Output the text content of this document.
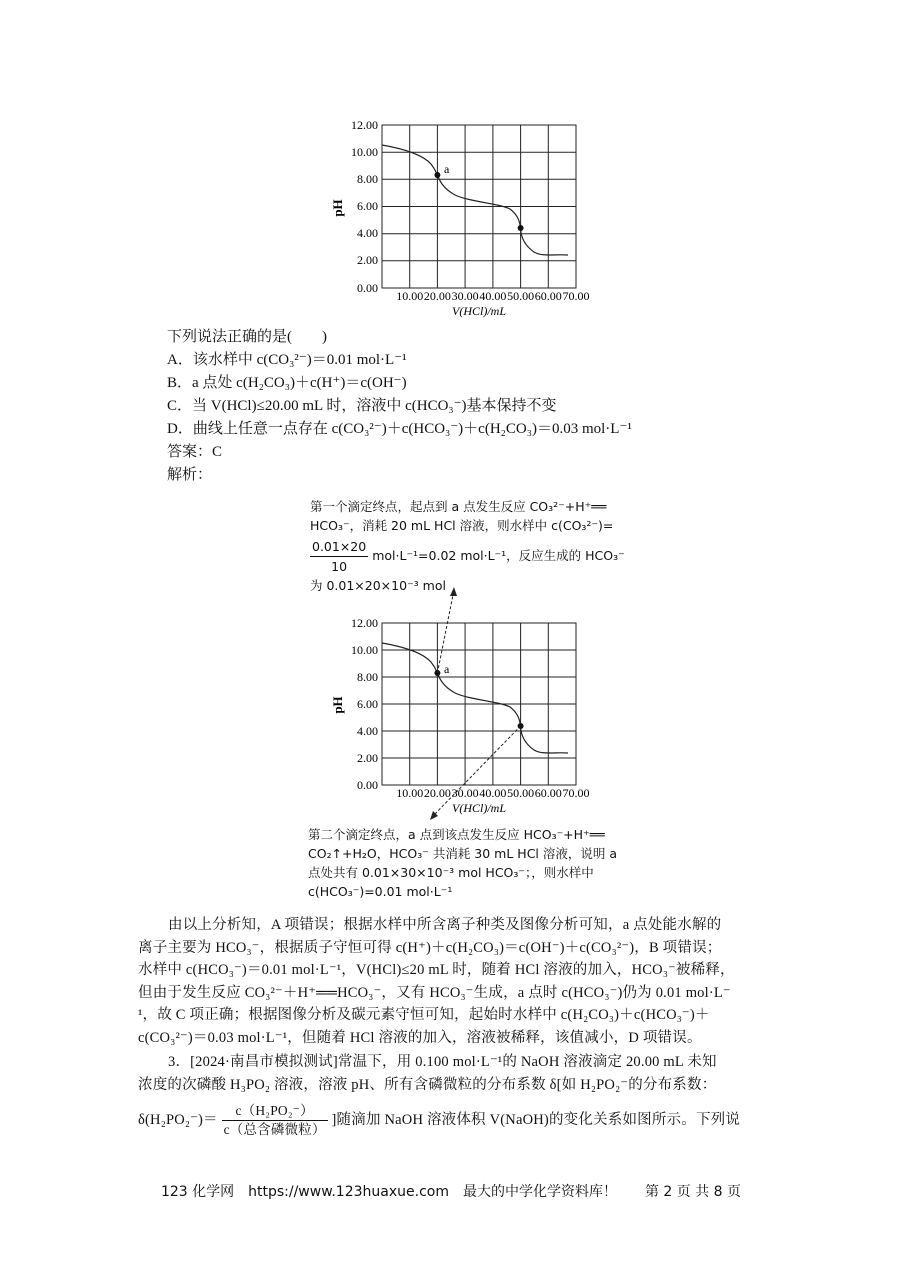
a
12.00
10.00
8.00
6.00
4.00
2.00
0.00
10.00 20.00 30.00 40.00 50.00 60.00 70.00
V(HCl)/mL
pH
下列说法正确的是(　　)
A．该水样中 c(CO₃²⁻)＝0.01 mol·L⁻¹
B．a 点处 c(H₂CO₃)＋c(H⁺)＝c(OH⁻)
C．当 V(HCl)≤20.00 mL 时，溶液中 c(HCO₃⁻)基本保持不变
D．曲线上任意一点存在 c(CO₃²⁻)＋c(HCO₃⁻)＋c(H₂CO₃)＝0.03 mol·L⁻¹
答案：C
解析：
第一个滴定终点，起点到 a 点发生反应 CO₃²⁻+H⁺══
HCO₃⁻，消耗 20 mL HCl 溶液，则水样中 c(CO₃²⁻)=
$\frac{0.01\times 20}{10} mol\cdot L^{-1}=0.02$ mol·L⁻¹，反应生成的 HCO₃⁻
为 0.01×20×10⁻³ mol
a
12.00
10.00
8.00
6.00
4.00
2.00
0.00
10.00 20.00 30.00 40.00 50.00 60.00 70.00
V(HCl)/mL
pH
第二个滴定终点，a 点到该点发生反应 HCO₃⁻+H⁺══
CO₂↑+H₂O，HCO₃⁻ 共消耗 30 mL HCl 溶液，说明 a
点处共有 0.01×30×10⁻³ mol HCO₃⁻；，则水样中
c(HCO₃⁻)=0.01 mol·L⁻¹
由以上分析知，A 项错误；根据水样中所含离子种类及图像分析可知，a 点处能水解的
离子主要为 HCO₃⁻，根据质子守恒可得 c(H⁺)＋c(H₂CO₃)＝c(OH⁻)＋c(CO₃²⁻)，B 项错误；
水样中 c(HCO₃⁻)＝0.01 mol·L⁻¹，V(HCl)≤20 mL 时，随着 HCl 溶液的加入，HCO₃⁻被稀释，
但由于发生反应 CO₃²⁻＋H⁺══HCO₃⁻，又有 HCO₃⁻生成，a 点时 c(HCO₃⁻)仍为 0.01 mol·L⁻
¹，故 C 项正确；根据图像分析及碳元素守恒可知，起始时水样中 c(H₂CO₃)＋c(HCO₃⁻)＋
c(CO₃²⁻)＝0.03 mol·L⁻¹，但随着 HCl 溶液的加入，溶液被稀释，该值减小，D 项错误。
3．[2024·南昌市模拟测试]常温下，用 0.100 mol·L⁻¹的 NaOH 溶液滴定 20.00 mL 未知
浓度的次磷酸 H₃PO₂ 溶液，溶液 pH、所有含磷微粒的分布系数 δ[如 H₂PO₂⁻的分布系数：
$\delta(H_2PO_2^-)= \frac{\text{c（H₂PO₂⁻）}}{\text{c（总含磷微粒）}}$ ]随滴加 NaOH 溶液体积 V(NaOH)的变化关系如图所示。下列说
123 化学网　https://www.123huaxue.com　最大的中学化学资料库！　　第 2 页 共 8 页
